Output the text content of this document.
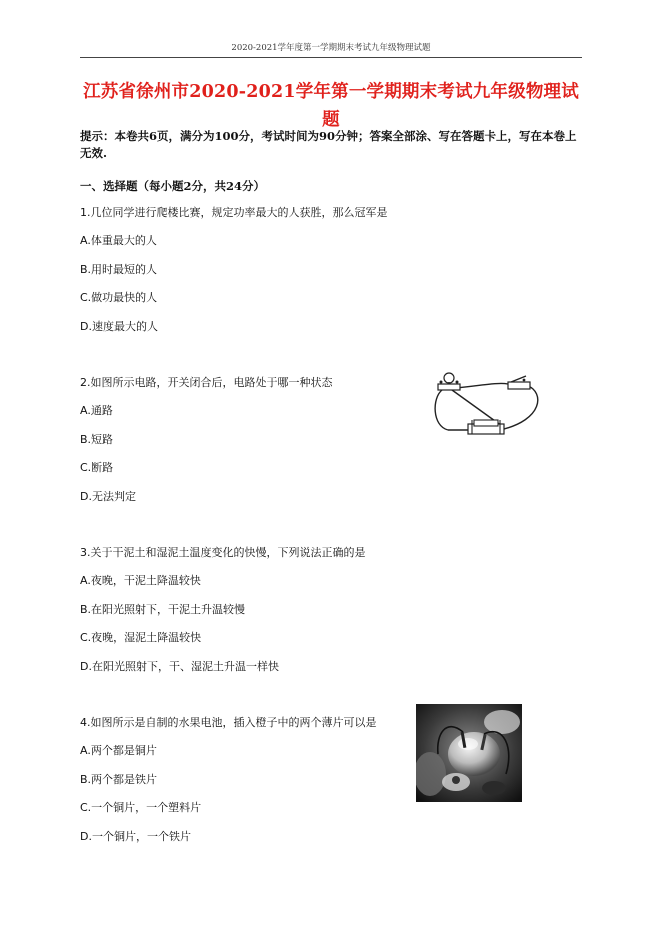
2020-2021学年度第一学期期末考试九年级物理试题
江苏省徐州市2020-2021学年第一学期期末考试九年级物理试题
提示：本卷共6页，满分为100分，考试时间为90分钟；答案全部涂、写在答题卡上，写在本卷上无效.
一、选择题（每小题2分，共24分）
1.几位同学进行爬楼比赛，规定功率最大的人获胜，那么冠军是
A.体重最大的人
B.用时最短的人
C.做功最快的人
D.速度最大的人
2.如图所示电路，开关闭合后，电路处于哪一种状态
A.通路
B.短路
C.断路
D.无法判定
3.关于干泥土和湿泥土温度变化的快慢，下列说法正确的是
A.夜晚，干泥土降温较快
B.在阳光照射下，干泥土升温较慢
C.夜晚，湿泥土降温较快
D.在阳光照射下，干、湿泥土升温一样快
4.如图所示是自制的水果电池，插入橙子中的两个薄片可以是
A.两个都是铜片
B.两个都是铁片
C.一个铜片，一个塑料片
D.一个铜片，一个铁片
